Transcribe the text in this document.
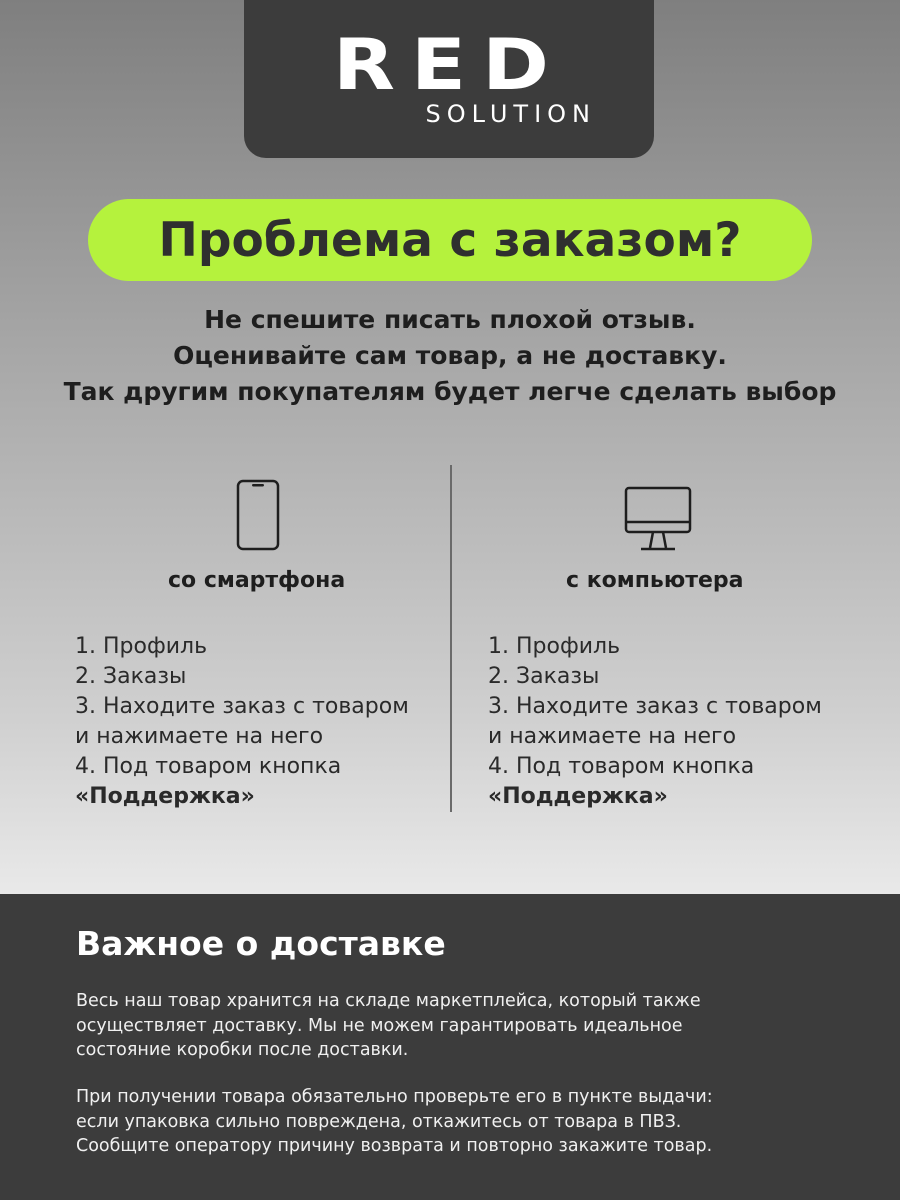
RED
SOLUTION
Проблема с заказом?
Не спешите писать плохой отзыв.
Оценивайте сам товар, а не доставку.
Так другим покупателям будет легче сделать выбор
со смартфона
1. Профиль
2. Заказы
3. Находите заказ с товаром
и нажимаете на него
4. Под товаром кнопка
«Поддержка»
с компьютера
1. Профиль
2. Заказы
3. Находите заказ с товаром
и нажимаете на него
4. Под товаром кнопка
«Поддержка»
Важное о доставке
Весь наш товар хранится на складе маркетплейса, который также
осуществляет доставку. Мы не можем гарантировать идеальное
состояние коробки после доставки.
При получении товара обязательно проверьте его в пункте выдачи:
если упаковка сильно повреждена, откажитесь от товара в ПВЗ.
Сообщите оператору причину возврата и повторно закажите товар.
